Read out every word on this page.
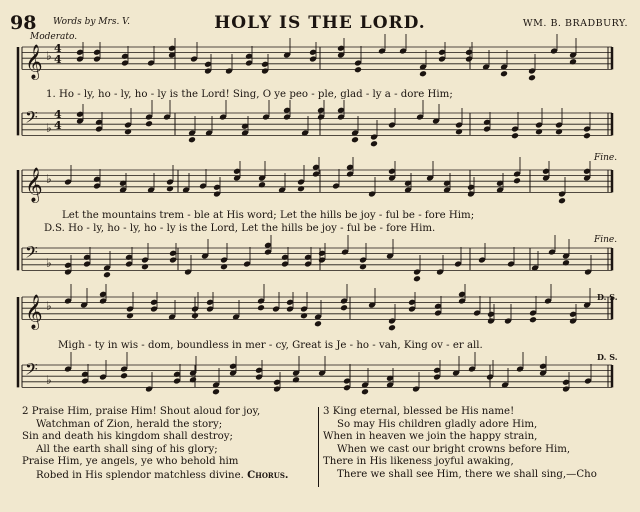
98 Words by Mrs. V.	HOLY IS THE LORD.	WM. B. BRADBURY.
Moderato.
𝄞 ♭
𝄢 ♭
𝄞 ♭
𝄢 ♭
𝄞 ♭
𝄢 ♭
4
4
4
4
1. Ho - ly, ho - ly, ho - ly is the Lord! Sing, O ye peo - ple, glad - ly a - dore Him;
Let the mountains trem - ble at His word; Let the hills be joy - ful be - fore Him;
D.S. Ho - ly, ho - ly, ho - ly is the Lord, Let the hills be joy - ful be - fore Him.
Migh - ty in wis - dom, boundless in mer - cy, Great is Je - ho - vah, King ov - er all.
Fine.
Fine.
D. S.
D. S.
2 Praise Him, praise Him! Shout aloud for joy,
Watchman of Zion, herald the story;
Sin and death his kingdom shall destroy;
All the earth shall sing of his glory;
Praise Him, ye angels, ye who behold him
Robed in His splendor matchless divine. Chorus.
3 King eternal, blessed be His name!
So may His children gladly adore Him,
When in heaven we join the happy strain,
When we cast our bright crowns before Him,
There in His likeness joyful awaking,
There we shall see Him, there we shall sing,—Cho
